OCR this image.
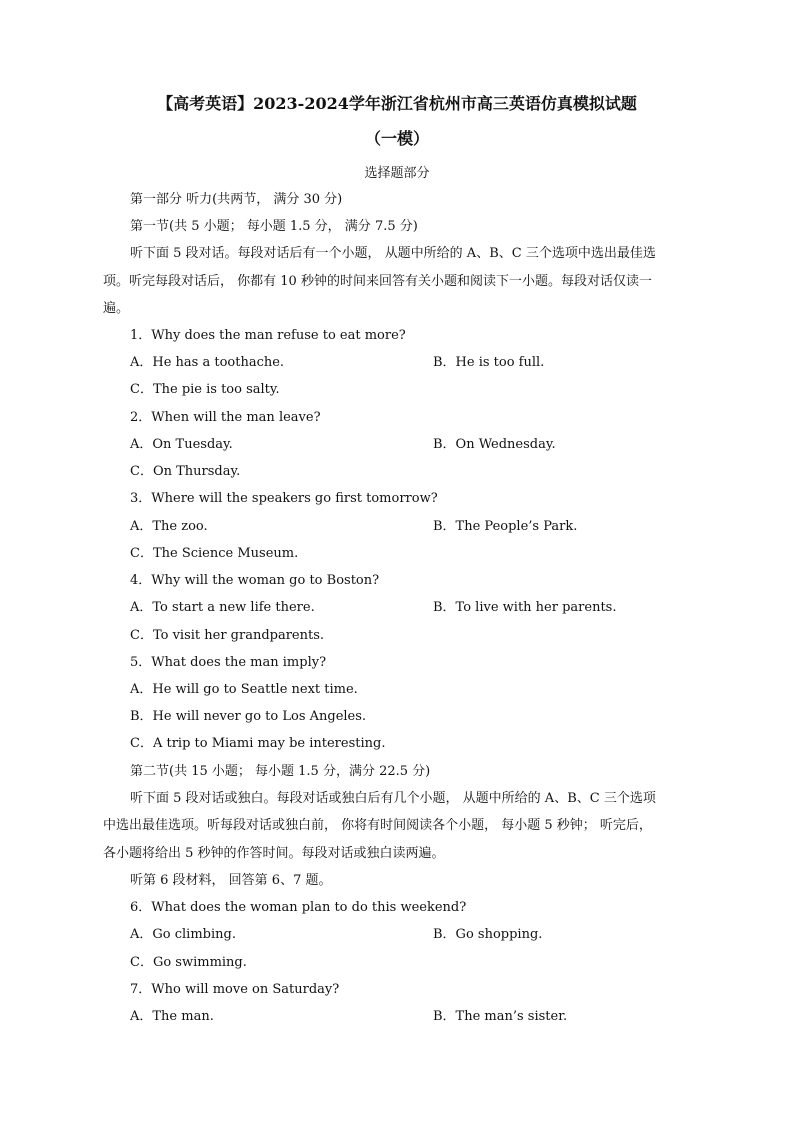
【高考英语】2023-2024学年浙江省杭州市高三英语仿真模拟试题
（一模）
选择题部分
第一部分 听力(共两节， 满分 30 分)
第一节(共 5 小题； 每小题 1.5 分， 满分 7.5 分)
听下面 5 段对话。每段对话后有一个小题， 从题中所给的 A、B、C 三个选项中选出最佳选
项。听完每段对话后， 你都有 10 秒钟的时间来回答有关小题和阅读下一小题。每段对话仅读一
遍。
1．Why does the man refuse to eat more?
A．He has a toothache.	B．He is too full.
C．The pie is too salty.
2．When will the man leave?
A．On Tuesday.	B．On Wednesday.
C．On Thursday.
3．Where will the speakers go first tomorrow?
A．The zoo.	B．The People’s Park.
C．The Science Museum.
4．Why will the woman go to Boston?
A．To start a new life there.	B．To live with her parents.
C．To visit her grandparents.
5．What does the man imply?
A．He will go to Seattle next time.
B．He will never go to Los Angeles.
C．A trip to Miami may be interesting.
第二节(共 15 小题； 每小题 1.5 分，满分 22.5 分)
听下面 5 段对话或独白。每段对话或独白后有几个小题， 从题中所给的 A、B、C 三个选项
中选出最佳选项。听每段对话或独白前， 你将有时间阅读各个小题， 每小题 5 秒钟； 听完后，
各小题将给出 5 秒钟的作答时间。每段对话或独白读两遍。
听第 6 段材料， 回答第 6、7 题。
6．What does the woman plan to do this weekend?
A．Go climbing.	B．Go shopping.
C．Go swimming.
7．Who will move on Saturday?
A．The man.	B．The man’s sister.
